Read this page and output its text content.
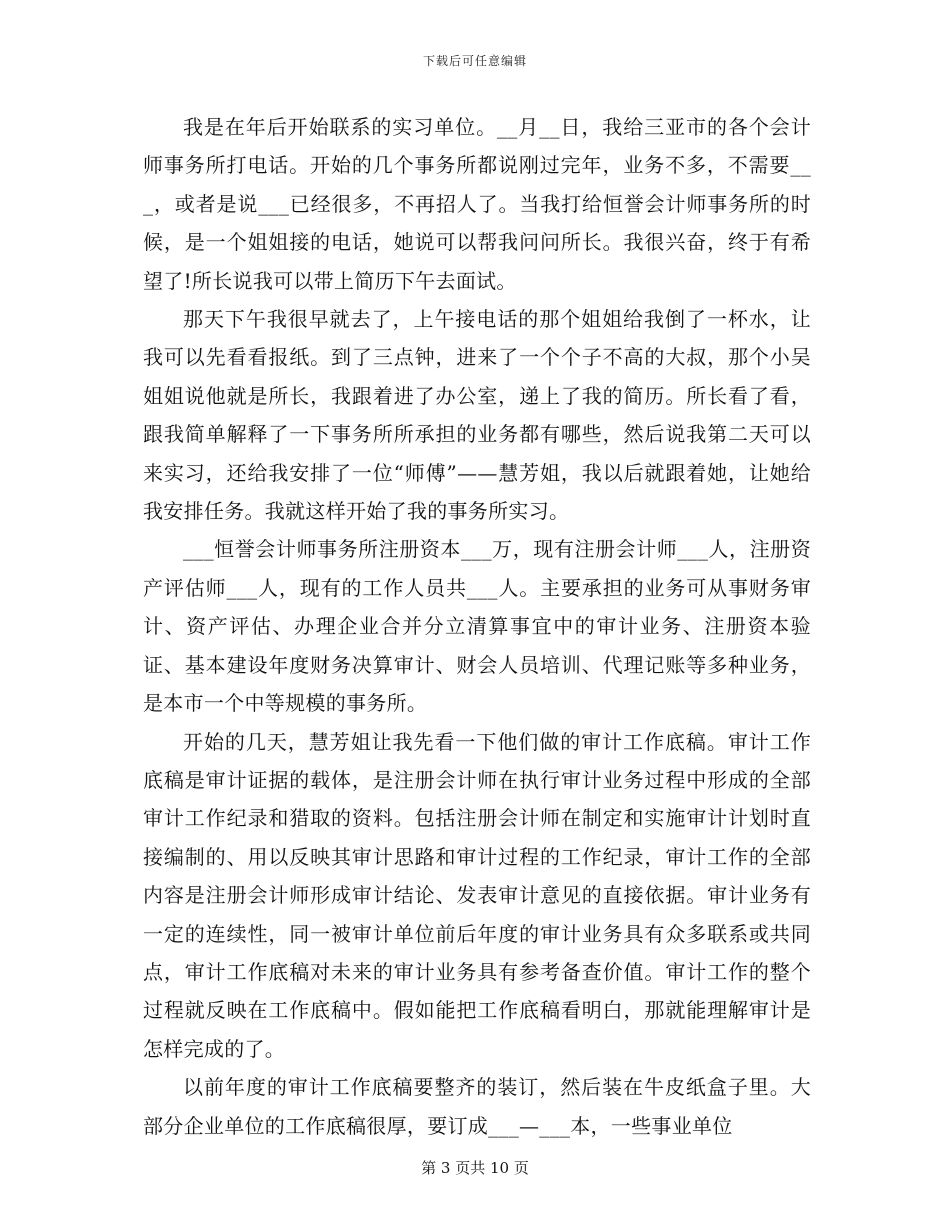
下载后可任意编辑

我是在年后开始联系的实习单位。__月__日，我给三亚市的各个会计师事务所打电话。开始的几个事务所都说刚过完年，业务不多，不需要___，或者是说___已经很多，不再招人了。当我打给恒誉会计师事务所的时候，是一个姐姐接的电话，她说可以帮我问问所长。我很兴奋，终于有希望了!所长说我可以带上简历下午去面试。

那天下午我很早就去了，上午接电话的那个姐姐给我倒了一杯水，让我可以先看看报纸。到了三点钟，进来了一个个子不高的大叔，那个小吴姐姐说他就是所长，我跟着进了办公室，递上了我的简历。所长看了看，跟我简单解释了一下事务所所承担的业务都有哪些，然后说我第二天可以来实习，还给我安排了一位“师傅”——慧芳姐，我以后就跟着她，让她给我安排任务。我就这样开始了我的事务所实习。

___恒誉会计师事务所注册资本___万，现有注册会计师___人，注册资产评估师___人，现有的工作人员共___人。主要承担的业务可从事财务审计、资产评估、办理企业合并分立清算事宜中的审计业务、注册资本验证、基本建设年度财务决算审计、财会人员培训、代理记账等多种业务，是本市一个中等规模的事务所。

开始的几天，慧芳姐让我先看一下他们做的审计工作底稿。审计工作底稿是审计证据的载体，是注册会计师在执行审计业务过程中形成的全部审计工作纪录和猎取的资料。包括注册会计师在制定和实施审计计划时直接编制的、用以反映其审计思路和审计过程的工作纪录，审计工作的全部内容是注册会计师形成审计结论、发表审计意见的直接依据。审计业务有一定的连续性，同一被审计单位前后年度的审计业务具有众多联系或共同点，审计工作底稿对未来的审计业务具有参考备查价值。审计工作的整个过程就反映在工作底稿中。假如能把工作底稿看明白，那就能理解审计是怎样完成的了。

以前年度的审计工作底稿要整齐的装订，然后装在牛皮纸盒子里。大部分企业单位的工作底稿很厚，要订成___—___本，一些事业单位

第 3 页共 10 页
